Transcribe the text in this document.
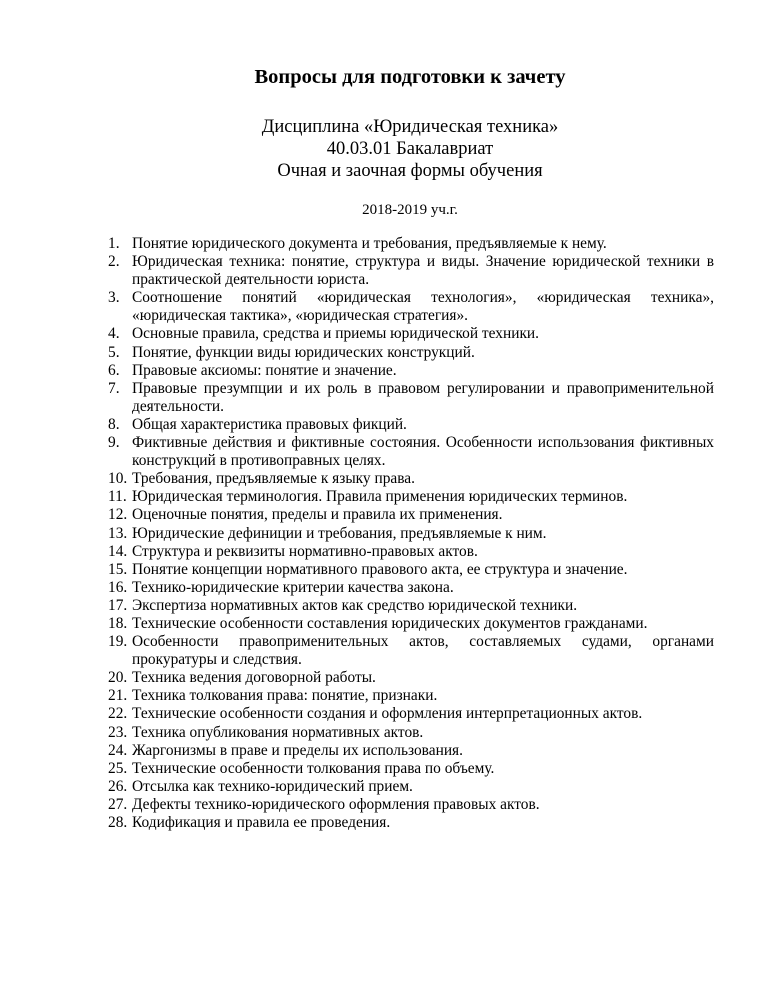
Вопросы для подготовки к зачету
Дисциплина «Юридическая техника»
40.03.01 Бакалавриат
Очная и заочная формы обучения
2018-2019 уч.г.
1. Понятие юридического документа и требования, предъявляемые к нему.
2. Юридическая техника: понятие, структура и виды. Значение юридической техники в практической деятельности юриста.
3. Соотношение понятий «юридическая технология», «юридическая техника», «юридическая тактика», «юридическая стратегия».
4. Основные правила, средства и приемы юридической техники.
5. Понятие, функции виды юридических конструкций.
6. Правовые аксиомы: понятие и значение.
7. Правовые презумпции и их роль в правовом регулировании и правоприменительной деятельности.
8. Общая характеристика правовых фикций.
9. Фиктивные действия и фиктивные состояния. Особенности использования фиктивных конструкций в противоправных целях.
10. Требования, предъявляемые к языку права.
11. Юридическая терминология. Правила применения юридических терминов.
12. Оценочные понятия, пределы и правила их применения.
13. Юридические дефиниции и требования, предъявляемые к ним.
14. Структура и реквизиты нормативно-правовых актов.
15. Понятие концепции нормативного правового акта, ее структура и значение.
16. Технико-юридические критерии качества закона.
17. Экспертиза нормативных актов как средство юридической техники.
18. Технические особенности составления юридических документов гражданами.
19. Особенности правоприменительных актов, составляемых судами, органами прокуратуры и следствия.
20. Техника ведения договорной работы.
21. Техника толкования права: понятие, признаки.
22. Технические особенности создания и оформления интерпретационных актов.
23. Техника опубликования нормативных актов.
24. Жаргонизмы в праве и пределы их использования.
25. Технические особенности толкования права по объему.
26. Отсылка как технико-юридический прием.
27. Дефекты технико-юридического оформления правовых актов.
28. Кодификация и правила ее проведения.
